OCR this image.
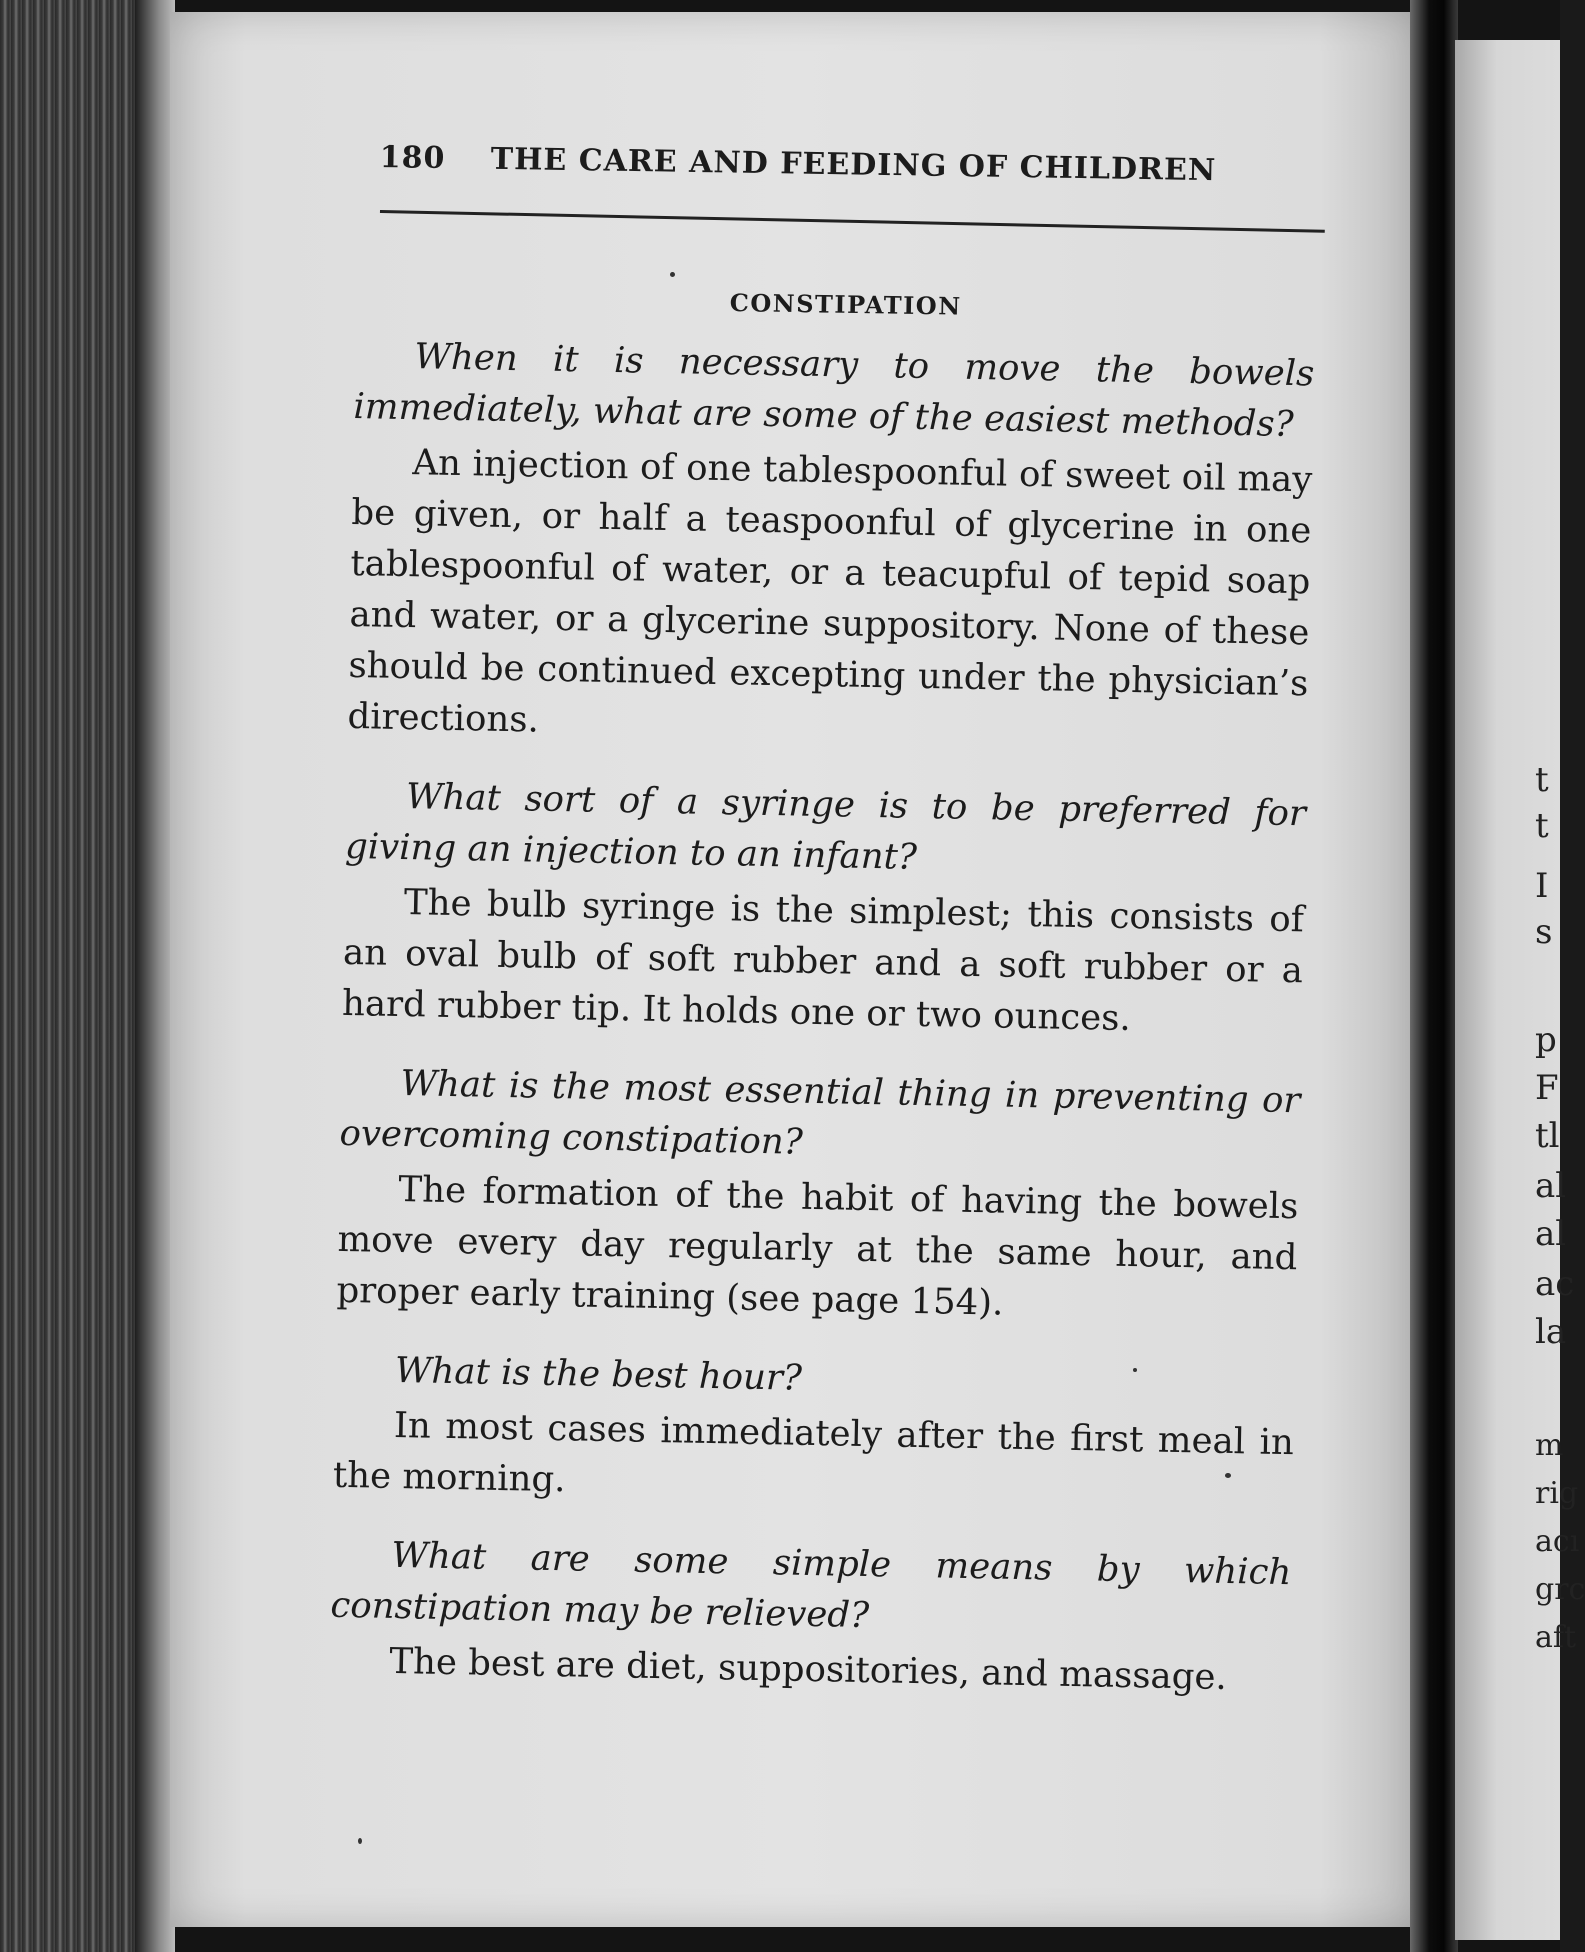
t
t
I
s
p
F
tl
al
al
ac
la
m
rig
acı
grc
aft
180 THE CARE AND FEEDING OF CHILDREN
CONSTIPATION

When it is necessary to move the bowels immediately, what are some of the easiest methods?

An injection of one tablespoonful of sweet oil may be given, or half a teaspoonful of glycerine in one tablespoonful of water, or a teacupful of tepid soap and water, or a glycerine suppository. None of these should be continued excepting under the physician’s directions.

What sort of a syringe is to be preferred for giving an injection to an infant?

The bulb syringe is the simplest; this consists of an oval bulb of soft rubber and a soft rubber or a hard rubber tip. It holds one or two ounces.

What is the most essential thing in preventing or overcoming constipation?

The formation of the habit of having the bowels move every day regularly at the same hour, and proper early training (see page 154).

What is the best hour?

In most cases immediately after the first meal in the morning.

What are some simple means by which constipation may be relieved?

The best are diet, suppositories, and massage.
